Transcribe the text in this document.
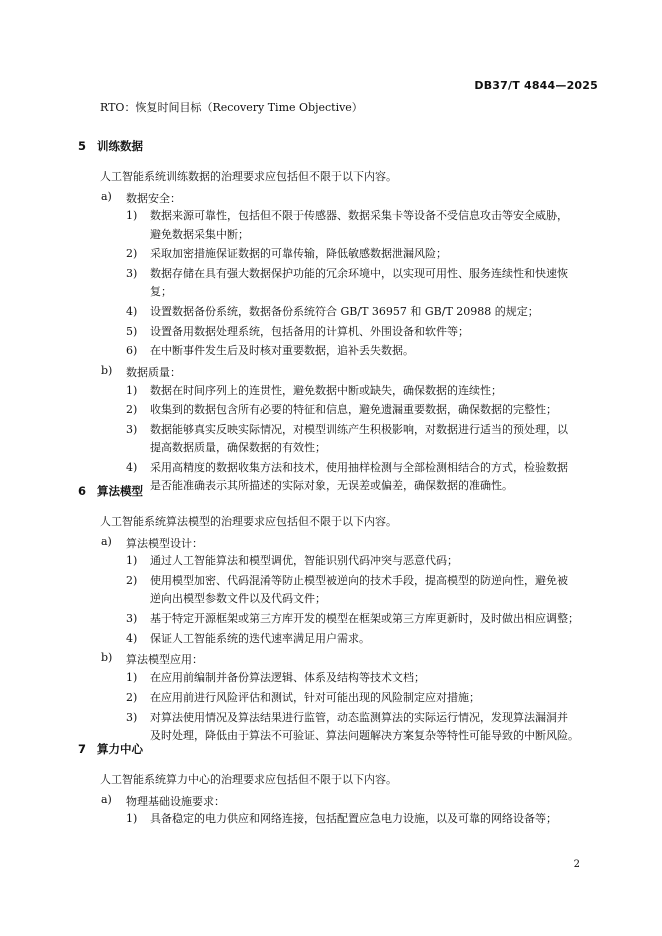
DB37/T 4844—2025
RTO：恢复时间目标（Recovery Time Objective）
5 训练数据
人工智能系统训练数据的治理要求应包括但不限于以下内容。
a) 数据安全：
1) 数据来源可靠性，包括但不限于传感器、数据采集卡等设备不受信息攻击等安全威胁，
避免数据采集中断；
2) 采取加密措施保证数据的可靠传输，降低敏感数据泄漏风险；
3) 数据存储在具有强大数据保护功能的冗余环境中，以实现可用性、服务连续性和快速恢
复；
4) 设置数据备份系统，数据备份系统符合 GB/T 36957 和 GB/T 20988 的规定；
5) 设置备用数据处理系统，包括备用的计算机、外围设备和软件等；
6) 在中断事件发生后及时核对重要数据，追补丢失数据。
b) 数据质量：
1) 数据在时间序列上的连贯性，避免数据中断或缺失，确保数据的连续性；
2) 收集到的数据包含所有必要的特征和信息，避免遗漏重要数据，确保数据的完整性；
3) 数据能够真实反映实际情况，对模型训练产生积极影响，对数据进行适当的预处理，以
提高数据质量，确保数据的有效性；
4) 采用高精度的数据收集方法和技术，使用抽样检测与全部检测相结合的方式，检验数据
是否能准确表示其所描述的实际对象，无误差或偏差，确保数据的准确性。
6 算法模型
人工智能系统算法模型的治理要求应包括但不限于以下内容。
a) 算法模型设计：
1) 通过人工智能算法和模型调优，智能识别代码冲突与恶意代码；
2) 使用模型加密、代码混淆等防止模型被逆向的技术手段，提高模型的防逆向性，避免被
逆向出模型参数文件以及代码文件；
3) 基于特定开源框架或第三方库开发的模型在框架或第三方库更新时，及时做出相应调整；
4) 保证人工智能系统的迭代速率满足用户需求。
b) 算法模型应用：
1) 在应用前编制并备份算法逻辑、体系及结构等技术文档；
2) 在应用前进行风险评估和测试，针对可能出现的风险制定应对措施；
3) 对算法使用情况及算法结果进行监管，动态监测算法的实际运行情况，发现算法漏洞并
及时处理，降低由于算法不可验证、算法问题解决方案复杂等特性可能导致的中断风险。
7 算力中心
人工智能系统算力中心的治理要求应包括但不限于以下内容。
a) 物理基础设施要求：
1) 具备稳定的电力供应和网络连接，包括配置应急电力设施，以及可靠的网络设备等；
2
